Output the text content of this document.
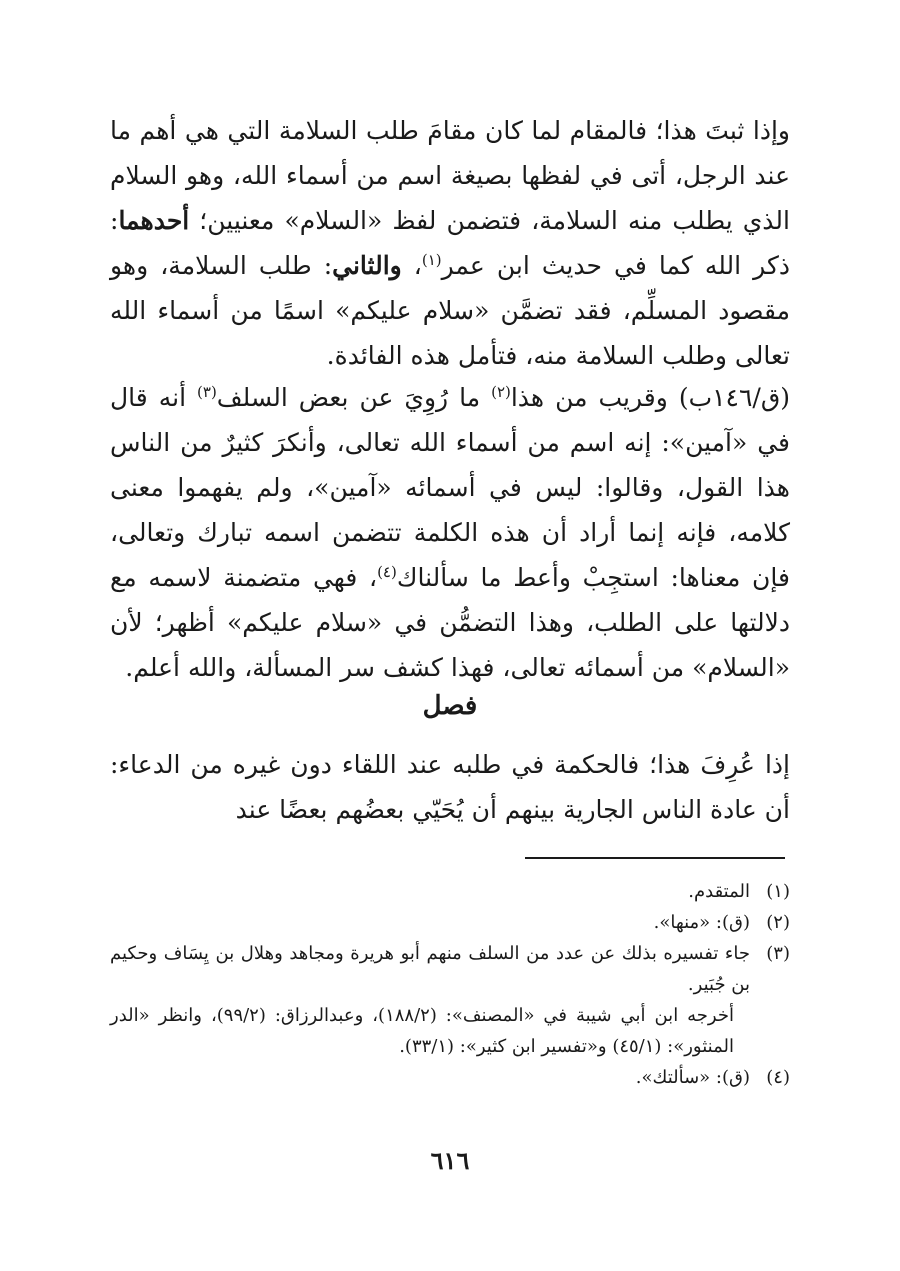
وإذا ثبتَ هذا؛ فالمقام لما كان مقامَ طلب السلامة التي هي أهم ما عند الرجل، أتى في لفظها بصيغة اسم من أسماء الله، وهو السلام الذي يطلب منه السلامة، فتضمن لفظ «السلام» معنيين؛ أحدهما: ذكر الله كما في حديث ابن عمر$^{(١)}$، والثاني: طلب السلامة، وهو مقصود المسلِّم، فقد تضمَّن «سلام عليكم» اسمًا من أسماء الله تعالى وطلب السلامة منه، فتأمل هذه الفائدة.

(ق/١٤٦ب) وقريب من هذا$^{(٢)}$ ما رُوِيَ عن بعض السلف$^{(٣)}$ أنه قال في «آمين»: إنه اسم من أسماء الله تعالى، وأنكرَ كثيرٌ من الناس هذا القول، وقالوا: ليس في أسمائه «آمين»، ولم يفهموا معنى كلامه، فإنه إنما أراد أن هذه الكلمة تتضمن اسمه تبارك وتعالى، فإن معناها: استجِبْ وأعط ما سألناك$^{(٤)}$، فهي متضمنة لاسمه مع دلالتها على الطلب، وهذا التضمُّن في «سلام عليكم» أظهر؛ لأن «السلام» من أسمائه تعالى، فهذا كشف سر المسألة، والله أعلم.

فصل

إذا عُرِفَ هذا؛ فالحكمة في طلبه عند اللقاء دون غيره من الدعاء: أن عادة الناس الجارية بينهم أن يُحَيّي بعضُهم بعضًا عند

(١)
المتقدم.
(٢)
(ق): «منها».
(٣)
جاء تفسيره بذلك عن عدد من السلف منهم أبو هريرة ومجاهد وهلال بن يِسَاف وحكيم بن جُبَير.
أخرجه ابن أبي شيبة في «المصنف»: (١٨٨/٢)، وعبدالرزاق: (٩٩/٢)، وانظر «الدر المنثور»: (٤٥/١) و«تفسير ابن كثير»: (٣٣/١).
(٤)
(ق): «سألتك».
٦١٦
